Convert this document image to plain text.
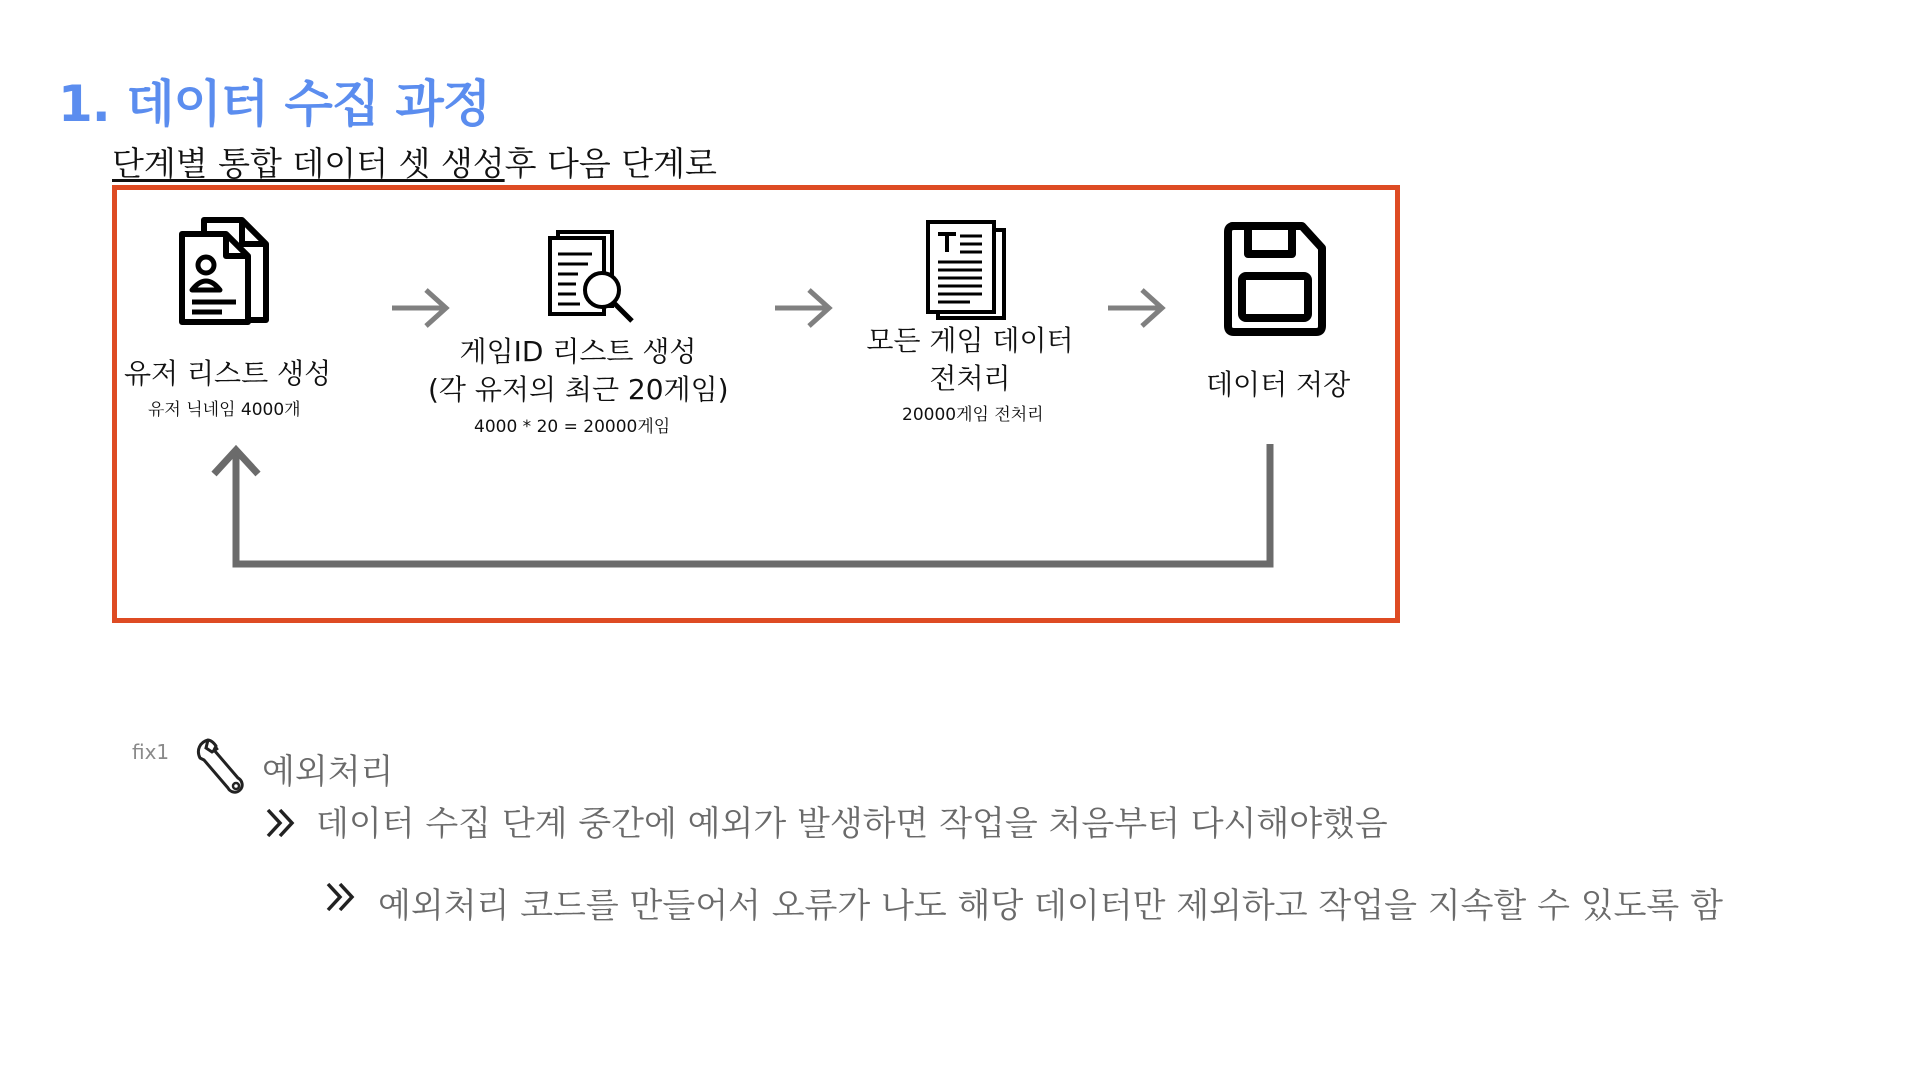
1. 데이터 수집 과정
단계별 통합 데이터 셋 생성후 다음 단계로
유저 리스트 생성
유저 닉네임 4000개
게임ID 리스트 생성
(각 유저의 최근 20게임)
4000 * 20 = 20000게임
모든 게임 데이터
전처리
20000게임 전처리
데이터 저장
fix1	예외처리
데이터 수집 단계 중간에 예외가 발생하면 작업을 처음부터 다시해야했음
예외처리 코드를 만들어서 오류가 나도 해당 데이터만 제외하고 작업을 지속할 수 있도록 함
